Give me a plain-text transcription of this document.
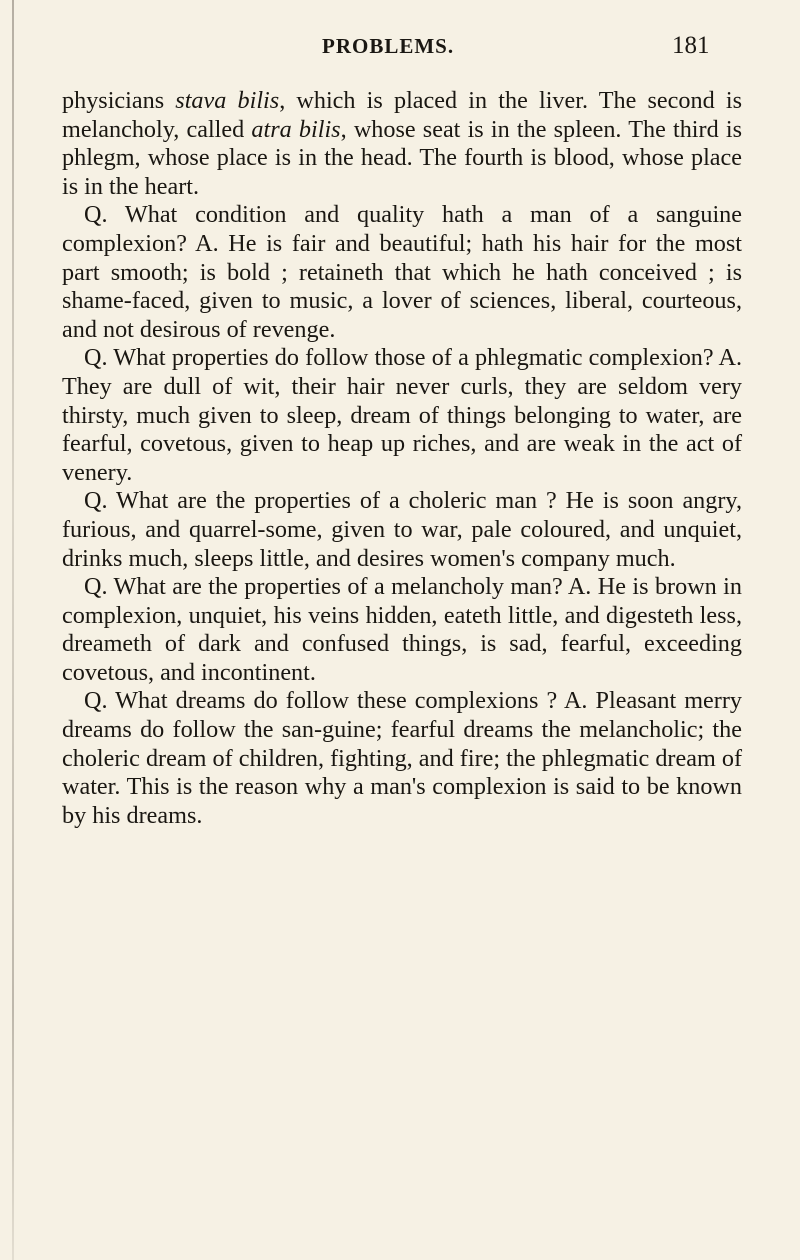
PROBLEMS.	181

physicians stava bilis, which is placed in the liver. The second is melancholy, called atra bilis, whose seat is in the spleen. The third is phlegm, whose place is in the head. The fourth is blood, whose place is in the heart.

Q. What condition and quality hath a man of a sanguine complexion? A. He is fair and beautiful; hath his hair for the most part smooth; is bold ; retaineth that which he hath conceived ; is shame-faced, given to music, a lover of sciences, liberal, courteous, and not desirous of revenge.

Q. What properties do follow those of a phlegmatic complexion? A. They are dull of wit, their hair never curls, they are seldom very thirsty, much given to sleep, dream of things belonging to water, are fearful, covetous, given to heap up riches, and are weak in the act of venery.

Q. What are the properties of a choleric man ? He is soon angry, furious, and quarrel-some, given to war, pale coloured, and unquiet, drinks much, sleeps little, and desires women's company much.

Q. What are the properties of a melancholy man? A. He is brown in complexion, unquiet, his veins hidden, eateth little, and digesteth less, dreameth of dark and confused things, is sad, fearful, exceeding covetous, and incontinent.

Q. What dreams do follow these complexions ? A. Pleasant merry dreams do follow the san-guine; fearful dreams the melancholic; the choleric dream of children, fighting, and fire; the phlegmatic dream of water. This is the reason why a man's complexion is said to be known by his dreams.
